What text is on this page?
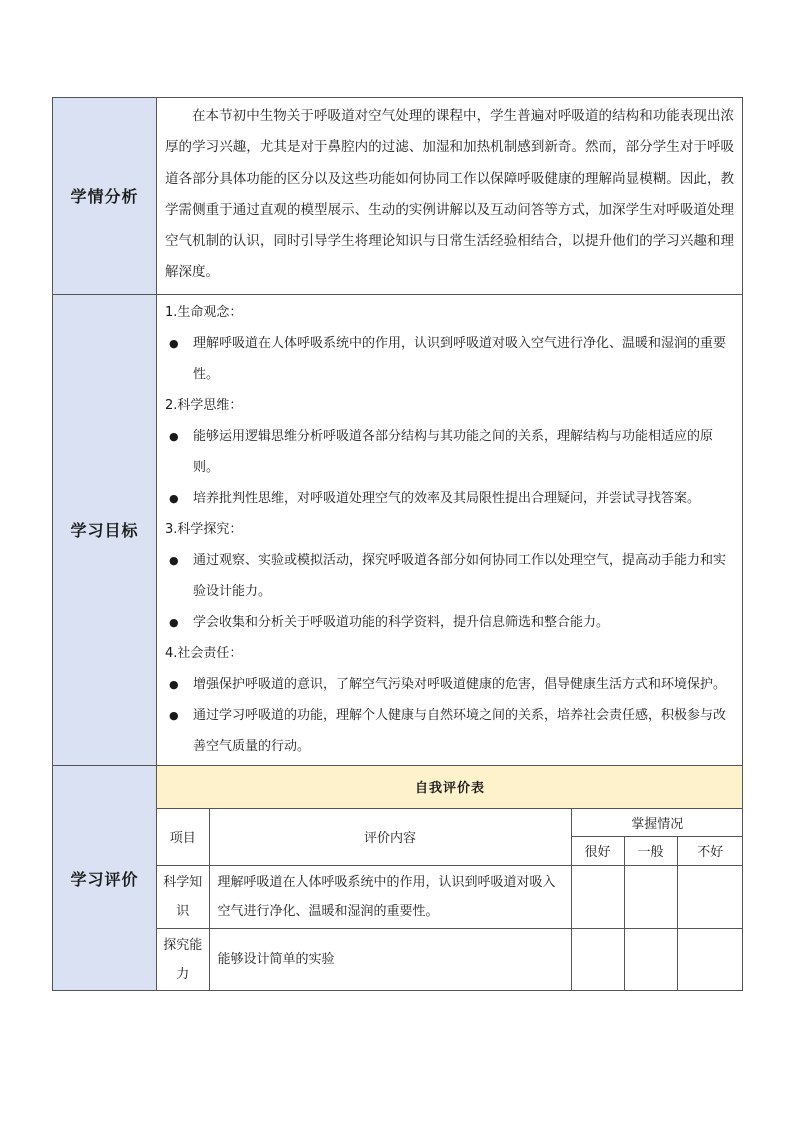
学情分析	
在本节初中生物关于呼吸道对空气处理的课程中，学生普遍对呼吸道的结构和功能表现出浓厚的学习兴趣，尤其是对于鼻腔内的过滤、加湿和加热机制感到新奇。然而，部分学生对于呼吸道各部分具体功能的区分以及这些功能如何协同工作以保障呼吸健康的理解尚显模糊。因此，教学需侧重于通过直观的模型展示、生动的实例讲解以及互动问答等方式，加深学生对呼吸道处理空气机制的认识，同时引导学生将理论知识与日常生活经验相结合，以提升他们的学习兴趣和理解深度。

学习目标	

1.生命观念：

● 理解呼吸道在人体呼吸系统中的作用，认识到呼吸道对吸入空气进行净化、温暖和湿润的重要性。

2.科学思维：

● 能够运用逻辑思维分析呼吸道各部分结构与其功能之间的关系，理解结构与功能相适应的原则。

● 培养批判性思维，对呼吸道处理空气的效率及其局限性提出合理疑问，并尝试寻找答案。

3.科学探究：

● 通过观察、实验或模拟活动，探究呼吸道各部分如何协同工作以处理空气，提高动手能力和实验设计能力。

● 学会收集和分析关于呼吸道功能的科学资料，提升信息筛选和整合能力。

4.社会责任：

● 增强保护呼吸道的意识，了解空气污染对呼吸道健康的危害，倡导健康生活方式和环境保护。

● 通过学习呼吸道的功能，理解个人健康与自然环境之间的关系，培养社会责任感，积极参与改善空气质量的行动。

学习评价	
自我评价表
项目	评价内容	掌握情况
很好	一般	不好
科学知识	理解呼吸道在人体呼吸系统中的作用，认识到呼吸道对吸入空气进行净化、温暖和湿润的重要性。			
探究能力	能够设计简单的实验			
